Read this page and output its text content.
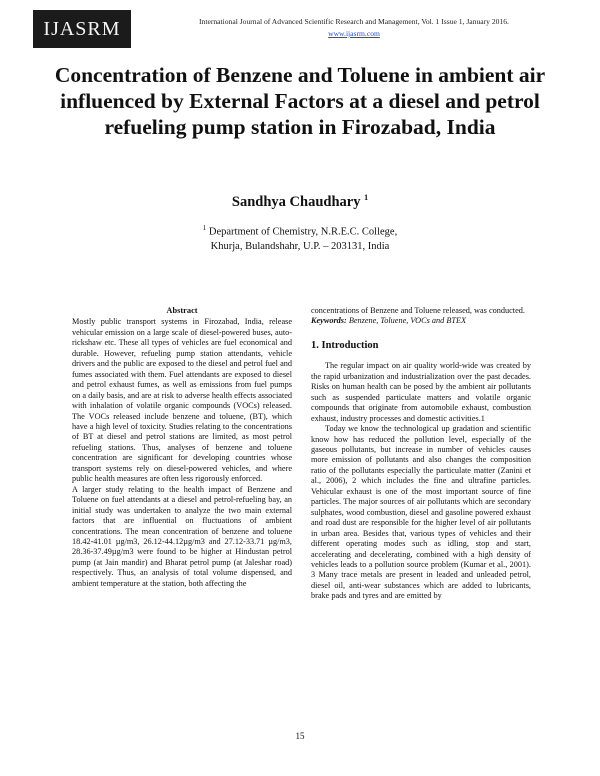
IJASRM	International Journal of Advanced Scientific Research and Management, Vol. 1 Issue 1, January 2016.
www.ijasrm.com
Concentration of Benzene and Toluene in ambient air influenced by External Factors at a diesel and petrol refueling pump station in Firozabad, India
Sandhya Chaudhary $^1$
$^1$ Department of Chemistry, N.R.E.C. College,
Khurja, Bulandshahr, U.P. – 203131, India
Abstract

Mostly public transport systems in Firozabad, India, release vehicular emission on a large scale of diesel-powered buses, auto-rickshaw etc. These all types of vehicles are fuel economical and durable. However, refueling pump station attendants, vehicle drivers and the public are exposed to the diesel and petrol fuel and fumes associated with them. Fuel attendants are exposed to diesel and petrol exhaust fumes, as well as emissions from fuel pumps on a daily basis, and are at risk to adverse health effects associated with inhalation of volatile organic compounds (VOCs) released. The VOCs released include benzene and toluene, (BT), which have a high level of toxicity. Studies relating to the concentrations of BT at diesel and petrol stations are limited, as most petrol refueling stations. Thus, analyses of benzene and toluene concentration are significant for developing countries whose transport systems rely on diesel-powered vehicles, and where public health measures are often less rigorously enforced.

A larger study relating to the health impact of Benzene and Toluene on fuel attendants at a diesel and petrol-refueling bay, an initial study was undertaken to analyze the two main external factors that are influential on fluctuations of ambient concentrations. The mean concentration of benzene and toluene 18.42-41.01 µg/m3, 26.12-44.12µg/m3 and 27.12-33.71 µg/m3, 28.36-37.49µg/m3 were found to be higher at Hindustan petrol pump (at Jain mandir) and Bharat petrol pump (at Jaleshar road) respectively. Thus, an analysis of total volume dispensed, and ambient temperature at the station, both affecting the

concentrations of Benzene and Toluene released, was conducted.

Keywords: Benzene, Toluene, VOCs and BTEX

1. Introduction

The regular impact on air quality world-wide was created by the rapid urbanization and industrialization over the past decades. Risks on human health can be posed by the ambient air pollutants such as suspended particulate matters and volatile organic compounds that originate from automobile exhaust, combustion exhaust, industry processes and domestic activities.1

Today we know the technological up gradation and scientific know how has reduced the pollution level, especially of the gaseous pollutants, but increase in number of vehicles causes more emission of pollutants and also changes the composition ratio of the pollutants especially the particulate matter (Zanini et al., 2006), 2 which includes the fine and ultrafine particles. Vehicular exhaust is one of the most important source of fine particles. The major sources of air pollutants which are secondary sulphates, wood combustion, diesel and gasoline powered exhaust and road dust are responsible for the higher level of air pollutants in urban area. Besides that, various types of vehicles and their different operating modes such as idling, stop and start, accelerating and decelerating, combined with a high density of vehicles leads to a pollution source problem (Kumar et al., 2001). 3 Many trace metals are present in leaded and unleaded petrol, diesel oil, anti-wear substances which are added to lubricants, brake pads and tyres and are emitted by

15
